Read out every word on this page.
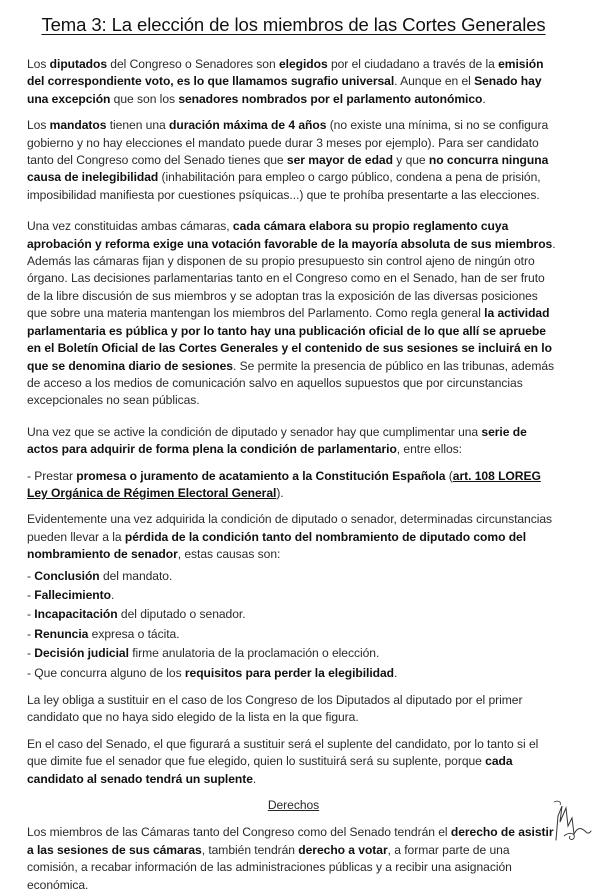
Tema 3: La elección de los miembros de las Cortes Generales

Los diputados del Congreso o Senadores son elegidos por el ciudadano a través de la emisión del correspondiente voto, es lo que llamamos sugrafio universal. Aunque en el Senado hay una excepción que son los senadores nombrados por el parlamento autonómico.

Los mandatos tienen una duración máxima de 4 años (no existe una mínima, si no se configura gobierno y no hay elecciones el mandato puede durar 3 meses por ejemplo). Para ser candidato tanto del Congreso como del Senado tienes que ser mayor de edad y que no concurra ninguna causa de inelegibilidad (inhabilitación para empleo o cargo público, condena a pena de prisión, imposibilidad manifiesta por cuestiones psíquicas...) que te prohíba presentarte a las elecciones.

Una vez constituidas ambas cámaras, cada cámara elabora su propio reglamento cuya aprobación y reforma exige una votación favorable de la mayoría absoluta de sus miembros. Además las cámaras fijan y disponen de su propio presupuesto sin control ajeno de ningún otro órgano. Las decisiones parlamentarias tanto en el Congreso como en el Senado, han de ser fruto de la libre discusión de sus miembros y se adoptan tras la exposición de las diversas posiciones que sobre una materia mantengan los miembros del Parlamento. Como regla general la actividad parlamentaria es pública y por lo tanto hay una publicación oficial de lo que allí se apruebe en el Boletín Oficial de las Cortes Generales y el contenido de sus sesiones se incluirá en lo que se denomina diario de sesiones. Se permite la presencia de público en las tribunas, además de acceso a los medios de comunicación salvo en aquellos supuestos que por circunstancias excepcionales no sean públicas.

Una vez que se active la condición de diputado y senador hay que cumplimentar una serie de actos para adquirir de forma plena la condición de parlamentario, entre ellos:

- Prestar promesa o juramento de acatamiento a la Constitución Española (art. 108 LOREG Ley Orgánica de Régimen Electoral General).

Evidentemente una vez adquirida la condición de diputado o senador, determinadas circunstancias pueden llevar a la pérdida de la condición tanto del nombramiento de diputado como del nombramiento de senador, estas causas son:

- Conclusión del mandato.

- Fallecimiento.

- Incapacitación del diputado o senador.

- Renuncia expresa o tácita.

- Decisión judicial firme anulatoria de la proclamación o elección.

- Que concurra alguno de los requisitos para perder la elegibilidad.

La ley obliga a sustituir en el caso de los Congreso de los Diputados al diputado por el primer candidato que no haya sido elegido de la lista en la que figura.

En el caso del Senado, el que figurará a sustituir será el suplente del candidato, por lo tanto si el que dimite fue el senador que fue elegido, quien lo sustituirá será su suplente, porque cada candidato al senado tendrá un suplente.

Derechos

Los miembros de las Cámaras tanto del Congreso como del Senado tendrán el derecho de asistir a las sesiones de sus cámaras, también tendrán derecho a votar, a formar parte de una comisión, a recabar información de las administraciones públicas y a recibir una asignación económica.
